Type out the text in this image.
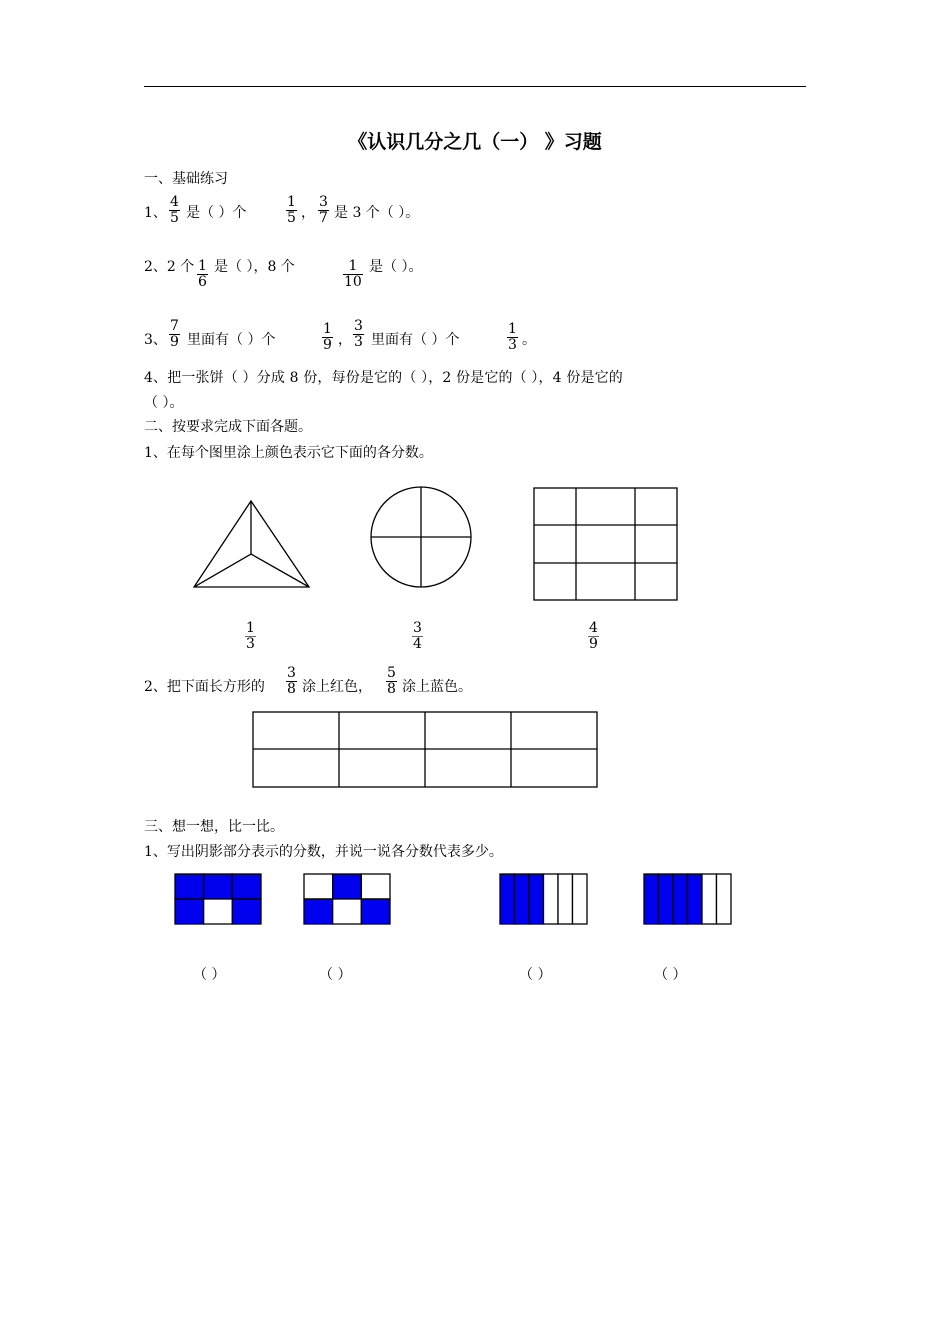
《认识几分之几（一） 》习题
一、基础练习
1、 $\frac{4}{5}$ 是（ ）个	$\frac{1}{5}$ ， $\frac{3}{7}$ 是 3 个（ ）。
2、2 个 $\frac{1}{6}$ 是（ ），8 个	$\frac{1}{10}$ 是（ ）。
3、 $\frac{7}{9}$ 里面有（ ）个	$\frac{1}{9}$ ， $\frac{3}{3}$ 里面有（ ）个	$\frac{1}{3}$ 。
4、把一张饼（ ）分成 8 份，每份是它的（ ），2 份是它的（ ），4 份是它的
（ ）。
二、按要求完成下面各题。
1、在每个图里涂上颜色表示它下面的各分数。
$\frac{1}{3}$	$\frac{3}{4}$	$\frac{4}{9}$
2、把下面长方形的 $\frac{3}{8}$ 涂上红色， $\frac{5}{8}$ 涂上蓝色。
三、想一想，比一比。
1、写出阴影部分表示的分数，并说一说各分数代表多少。
（ ）	（ ）	（ ）	（ ）
